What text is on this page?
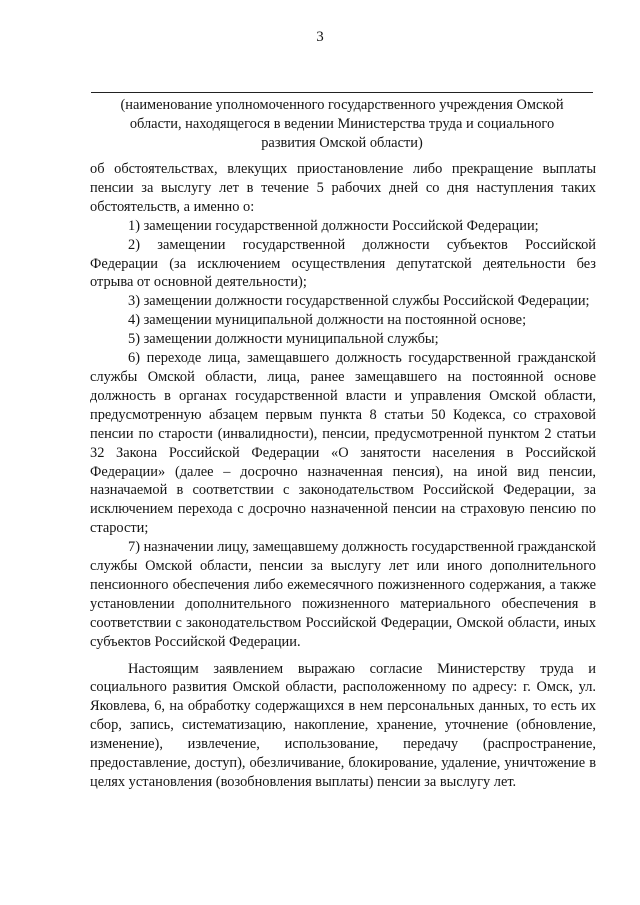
3
(наименование уполномоченного государственного учреждения Омской
области, находящегося в ведении Министерства труда и социального
развития Омской области)

об обстоятельствах, влекущих приостановление либо прекращение выплаты пенсии за выслугу лет в течение 5 рабочих дней со дня наступления таких обстоятельств, а именно о:

1) замещении государственной должности Российской Федерации;

2) замещении государственной должности субъектов Российской Федерации (за исключением осуществления депутатской деятельности без отрыва от основной деятельности);

3) замещении должности государственной службы Российской Федерации;

4) замещении муниципальной должности на постоянной основе;

5) замещении должности муниципальной службы;

6) переходе лица, замещавшего должность государственной гражданской службы Омской области, лица, ранее замещавшего на постоянной основе должность в органах государственной власти и управления Омской области, предусмотренную абзацем первым пункта 8 статьи 50 Кодекса, со страховой пенсии по старости (инвалидности), пенсии, предусмотренной пунктом 2 статьи 32 Закона Российской Федерации «О занятости населения в Российской Федерации» (далее – досрочно назначенная пенсия), на иной вид пенсии, назначаемой в соответствии с законодательством Российской Федерации, за исключением перехода с досрочно назначенной пенсии на страховую пенсию по старости;

7) назначении лицу, замещавшему должность государственной гражданской службы Омской области, пенсии за выслугу лет или иного дополнительного пенсионного обеспечения либо ежемесячного пожизненного содержания, а также установлении дополнительного пожизненного материального обеспечения в соответствии с законодательством Российской Федерации, Омской области, иных субъектов Российской Федерации.

Настоящим заявлением выражаю согласие Министерству труда и социального развития Омской области, расположенному по адресу: г. Омск, ул. Яковлева, 6, на обработку содержащихся в нем персональных данных, то есть их сбор, запись, систематизацию, накопление, хранение, уточнение (обновление, изменение), извлечение, использование, передачу (распространение, предоставление, доступ), обезличивание, блокирование, удаление, уничтожение в целях установления (возобновления выплаты) пенсии за выслугу лет.
